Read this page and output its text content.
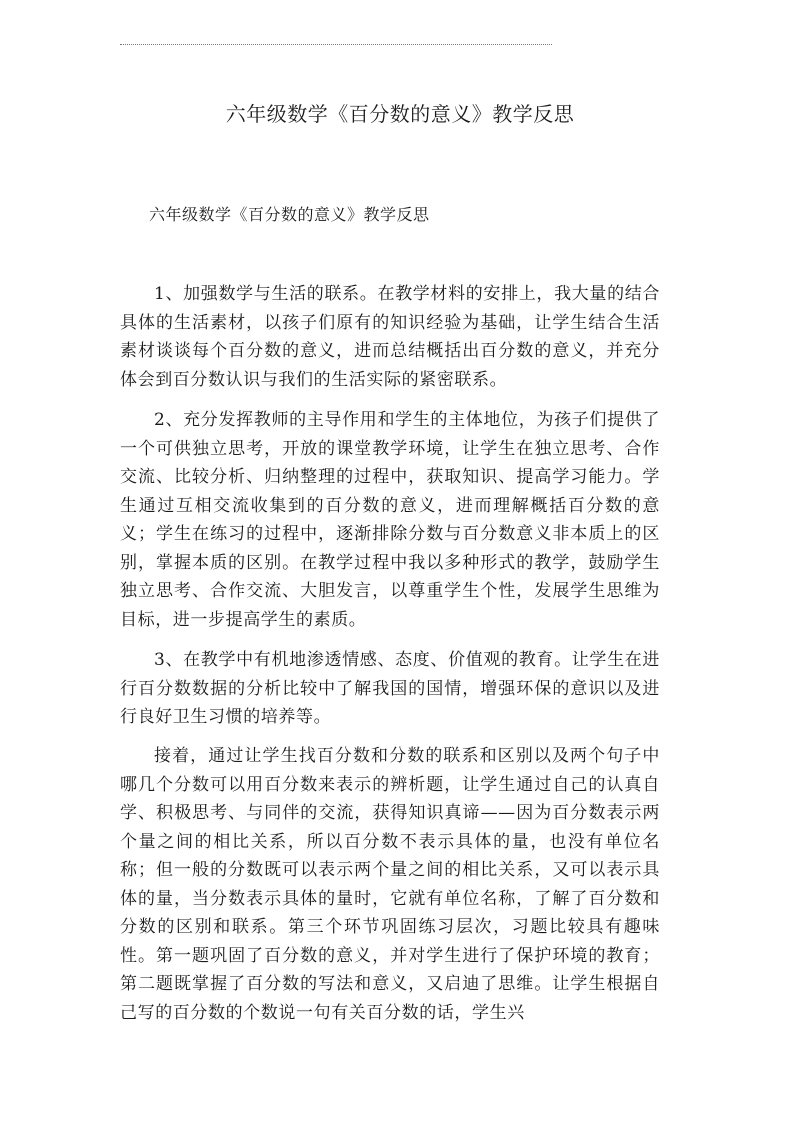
六年级数学《百分数的意义》教学反思
六年级数学《百分数的意义》教学反思

1、加强数学与生活的联系。在教学材料的安排上，我大量的结合具体的生活素材，以孩子们原有的知识经验为基础，让学生结合生活素材谈谈每个百分数的意义，进而总结概括出百分数的意义，并充分体会到百分数认识与我们的生活实际的紧密联系。

2、充分发挥教师的主导作用和学生的主体地位，为孩子们提供了一个可供独立思考，开放的课堂教学环境，让学生在独立思考、合作交流、比较分析、归纳整理的过程中，获取知识、提高学习能力。学生通过互相交流收集到的百分数的意义，进而理解概括百分数的意义；学生在练习的过程中，逐渐排除分数与百分数意义非本质上的区别，掌握本质的区别。在教学过程中我以多种形式的教学，鼓励学生独立思考、合作交流、大胆发言，以尊重学生个性，发展学生思维为目标，进一步提高学生的素质。

3、在教学中有机地渗透情感、态度、价值观的教育。让学生在进行百分数数据的分析比较中了解我国的国情，增强环保的意识以及进行良好卫生习惯的培养等。

接着，通过让学生找百分数和分数的联系和区别以及两个句子中哪几个分数可以用百分数来表示的辨析题，让学生通过自己的认真自学、积极思考、与同伴的交流，获得知识真谛——因为百分数表示两个量之间的相比关系，所以百分数不表示具体的量，也没有单位名称；但一般的分数既可以表示两个量之间的相比关系，又可以表示具体的量，当分数表示具体的量时，它就有单位名称，了解了百分数和分数的区别和联系。第三个环节巩固练习层次，习题比较具有趣味性。第一题巩固了百分数的意义，并对学生进行了保护环境的教育；第二题既掌握了百分数的写法和意义，又启迪了思维。让学生根据自己写的百分数的个数说一句有关百分数的话，学生兴
